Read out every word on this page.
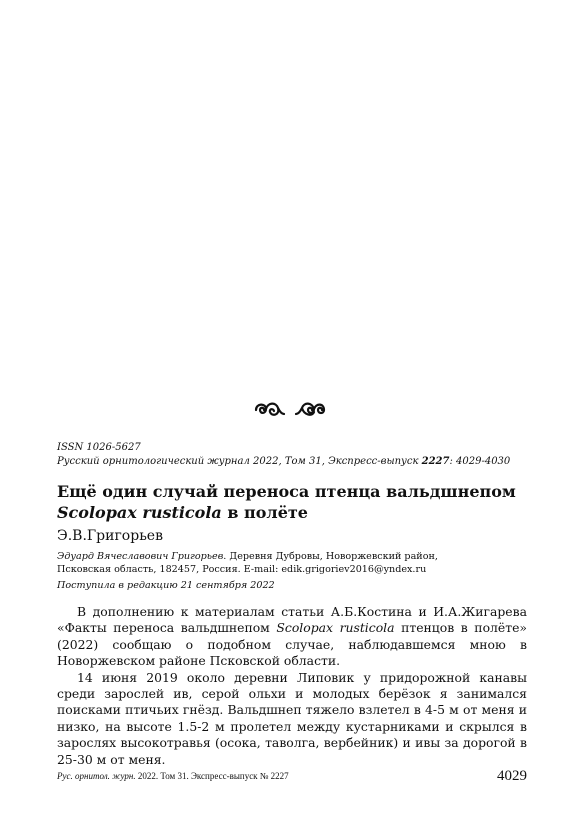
ISSN 1026-5627
Русский орнитологический журнал 2022, Том 31, Экспресс-выпуск 2227: 4029-4030
Ещё один случай переноса птенца вальдшнепом
Scolopax rusticola в полёте
Э.В.Григорьев
Эдуард Вячеславович Григорьев. Деревня Дубровы, Новоржевский район,
Псковская область, 182457, Россия. E-mail: edik.grigoriev2016@yndex.ru
Поступила в редакцию 21 сентября 2022

В дополнению к материалам статьи А.Б.Костина и И.А.Жигарева «Факты переноса вальдшнепом Scolopax rusticola птенцов в полёте» (2022) сообщаю о подобном случае, наблюдавшемся мною в Новоржевском районе Псковской области.

14 июня 2019 около деревни Липовик у придорожной канавы среди зарослей ив, серой ольхи и молодых берёзок я занимался поисками птичьих гнёзд. Вальдшнеп тяжело взлетел в 4-5 м от меня и низко, на высоте 1.5-2 м пролетел между кустарниками и скрылся в зарослях высокотравья (осока, таволга, вербейник) и ивы за дорогой в 25-30 м от меня.

Рус. орнитол. журн. 2022. Том 31. Экспресс-выпуск № 2227	4029
